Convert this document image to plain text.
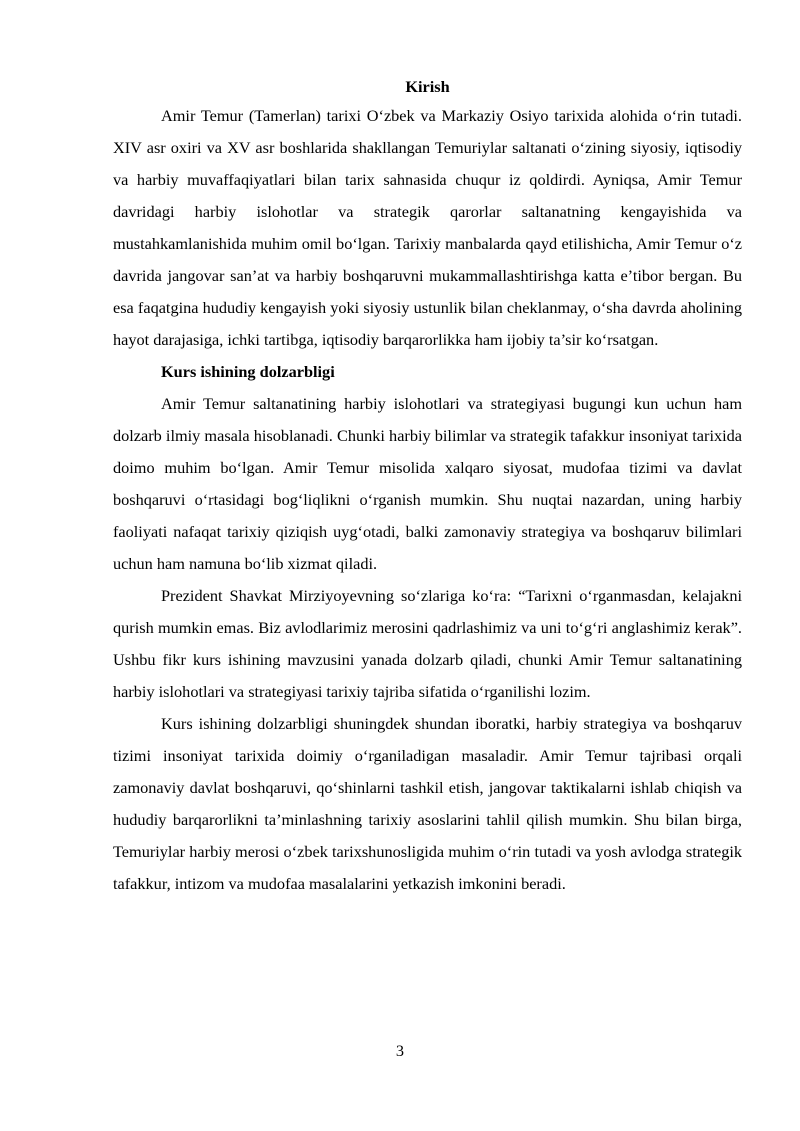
Kirish

Amir Temur (Tamerlan) tarixi O‘zbek va Markaziy Osiyo tarixida alohida o‘rin tutadi. XIV asr oxiri va XV asr boshlarida shakllangan Temuriylar saltanati o‘zining siyosiy, iqtisodiy va harbiy muvaffaqiyatlari bilan tarix sahnasida chuqur iz qoldirdi. Ayniqsa, Amir Temur davridagi harbiy islohotlar va strategik qarorlar saltanatning kengayishida va mustahkamlanishida muhim omil bo‘lgan. Tarixiy manbalarda qayd etilishicha, Amir Temur o‘z davrida jangovar san’at va harbiy boshqaruvni mukammallashtirishga katta e’tibor bergan. Bu esa faqatgina hududiy kengayish yoki siyosiy ustunlik bilan cheklanmay, o‘sha davrda aholining hayot darajasiga, ichki tartibga, iqtisodiy barqarorlikka ham ijobiy ta’sir ko‘rsatgan.

Kurs ishining dolzarbligi

Amir Temur saltanatining harbiy islohotlari va strategiyasi bugungi kun uchun ham dolzarb ilmiy masala hisoblanadi. Chunki harbiy bilimlar va strategik tafakkur insoniyat tarixida doimo muhim bo‘lgan. Amir Temur misolida xalqaro siyosat, mudofaa tizimi va davlat boshqaruvi o‘rtasidagi bog‘liqlikni o‘rganish mumkin. Shu nuqtai nazardan, uning harbiy faoliyati nafaqat tarixiy qiziqish uyg‘otadi, balki zamonaviy strategiya va boshqaruv bilimlari uchun ham namuna bo‘lib xizmat qiladi.

Prezident Shavkat Mirziyoyevning so‘zlariga ko‘ra: “Tarixni o‘rganmasdan, kelajakni qurish mumkin emas. Biz avlodlarimiz merosini qadrlashimiz va uni to‘g‘ri anglashimiz kerak”. Ushbu fikr kurs ishining mavzusini yanada dolzarb qiladi, chunki Amir Temur saltanatining harbiy islohotlari va strategiyasi tarixiy tajriba sifatida o‘rganilishi lozim.

Kurs ishining dolzarbligi shuningdek shundan iboratki, harbiy strategiya va boshqaruv tizimi insoniyat tarixida doimiy o‘rganiladigan masaladir. Amir Temur tajribasi orqali zamonaviy davlat boshqaruvi, qo‘shinlarni tashkil etish, jangovar taktikalarni ishlab chiqish va hududiy barqarorlikni ta’minlashning tarixiy asoslarini tahlil qilish mumkin. Shu bilan birga, Temuriylar harbiy merosi o‘zbek tarixshunosligida muhim o‘rin tutadi va yosh avlodga strategik tafakkur, intizom va mudofaa masalalarini yetkazish imkonini beradi.

3
